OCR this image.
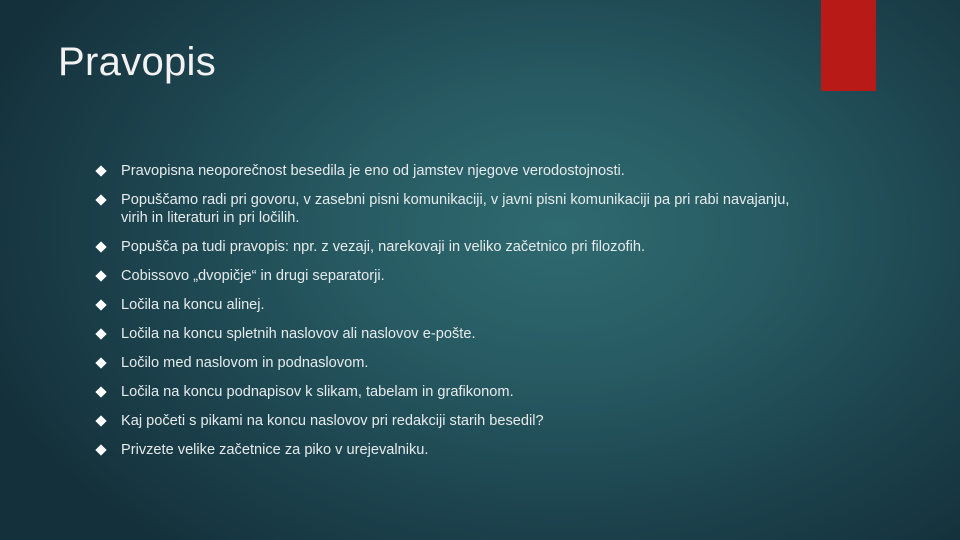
Pravopis
Pravopisna neoporečnost besedila je eno od jamstev njegove verodostojnosti.
Popuščamo radi pri govoru, v zasebni pisni komunikaciji, v javni pisni komunikaciji pa pri rabi navajanju, virih in literaturi in pri ločilih.
Popušča pa tudi pravopis: npr. z vezaji, narekovaji in veliko začetnico pri filozofih.
Cobissovo „dvopičje“ in drugi separatorji.
Ločila na koncu alinej.
Ločila na koncu spletnih naslovov ali naslovov e-pošte.
Ločilo med naslovom in podnaslovom.
Ločila na koncu podnapisov k slikam, tabelam in grafikonom.
Kaj početi s pikami na koncu naslovov pri redakciji starih besedil?
Privzete velike začetnice za piko v urejevalniku.
